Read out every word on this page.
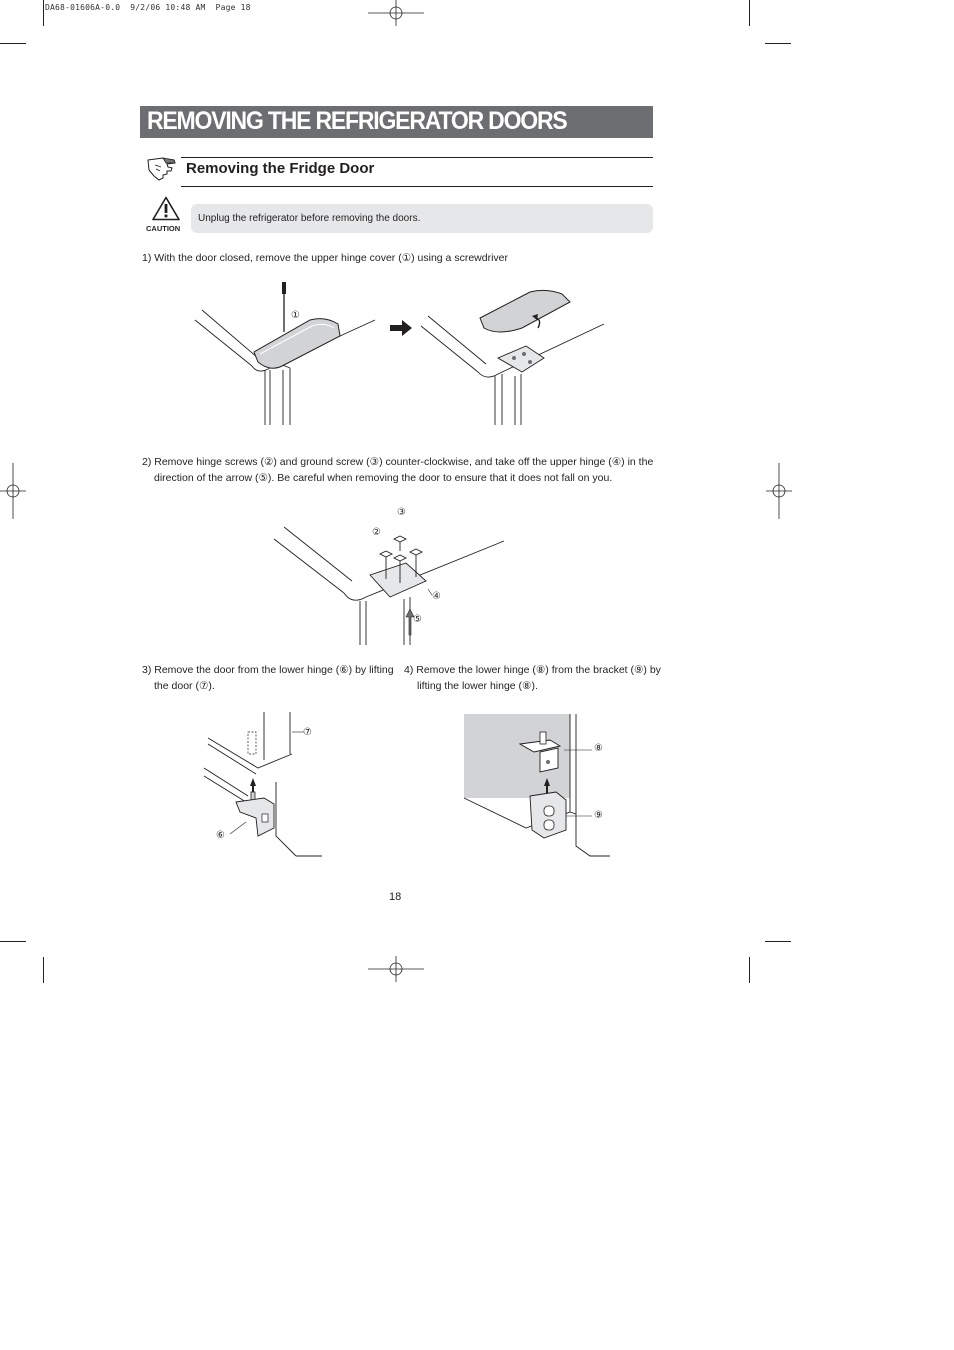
DA68-01606A-0.0  9/2/06 10:48 AM  Page 18
REMOVING THE REFRIGERATOR DOORS
Removing the Fridge Door
CAUTION
Unplug the refrigerator before removing the doors.
1) With the door closed, remove the upper hinge cover (①) using a screwdriver
①
2) Remove hinge screws (②) and ground screw (③) counter-clockwise, and take off the upper hinge (④) in the direction of the arrow (⑤). Be careful when removing the door to ensure that it does not fall on you.
③
②
④
⑤
3) Remove the door from the lower hinge (⑥) by lifting the door (⑦).
4) Remove the lower hinge (⑧) from the bracket (⑨) by lifting the lower hinge (⑧).
⑦
⑥
⑧
⑨
18
